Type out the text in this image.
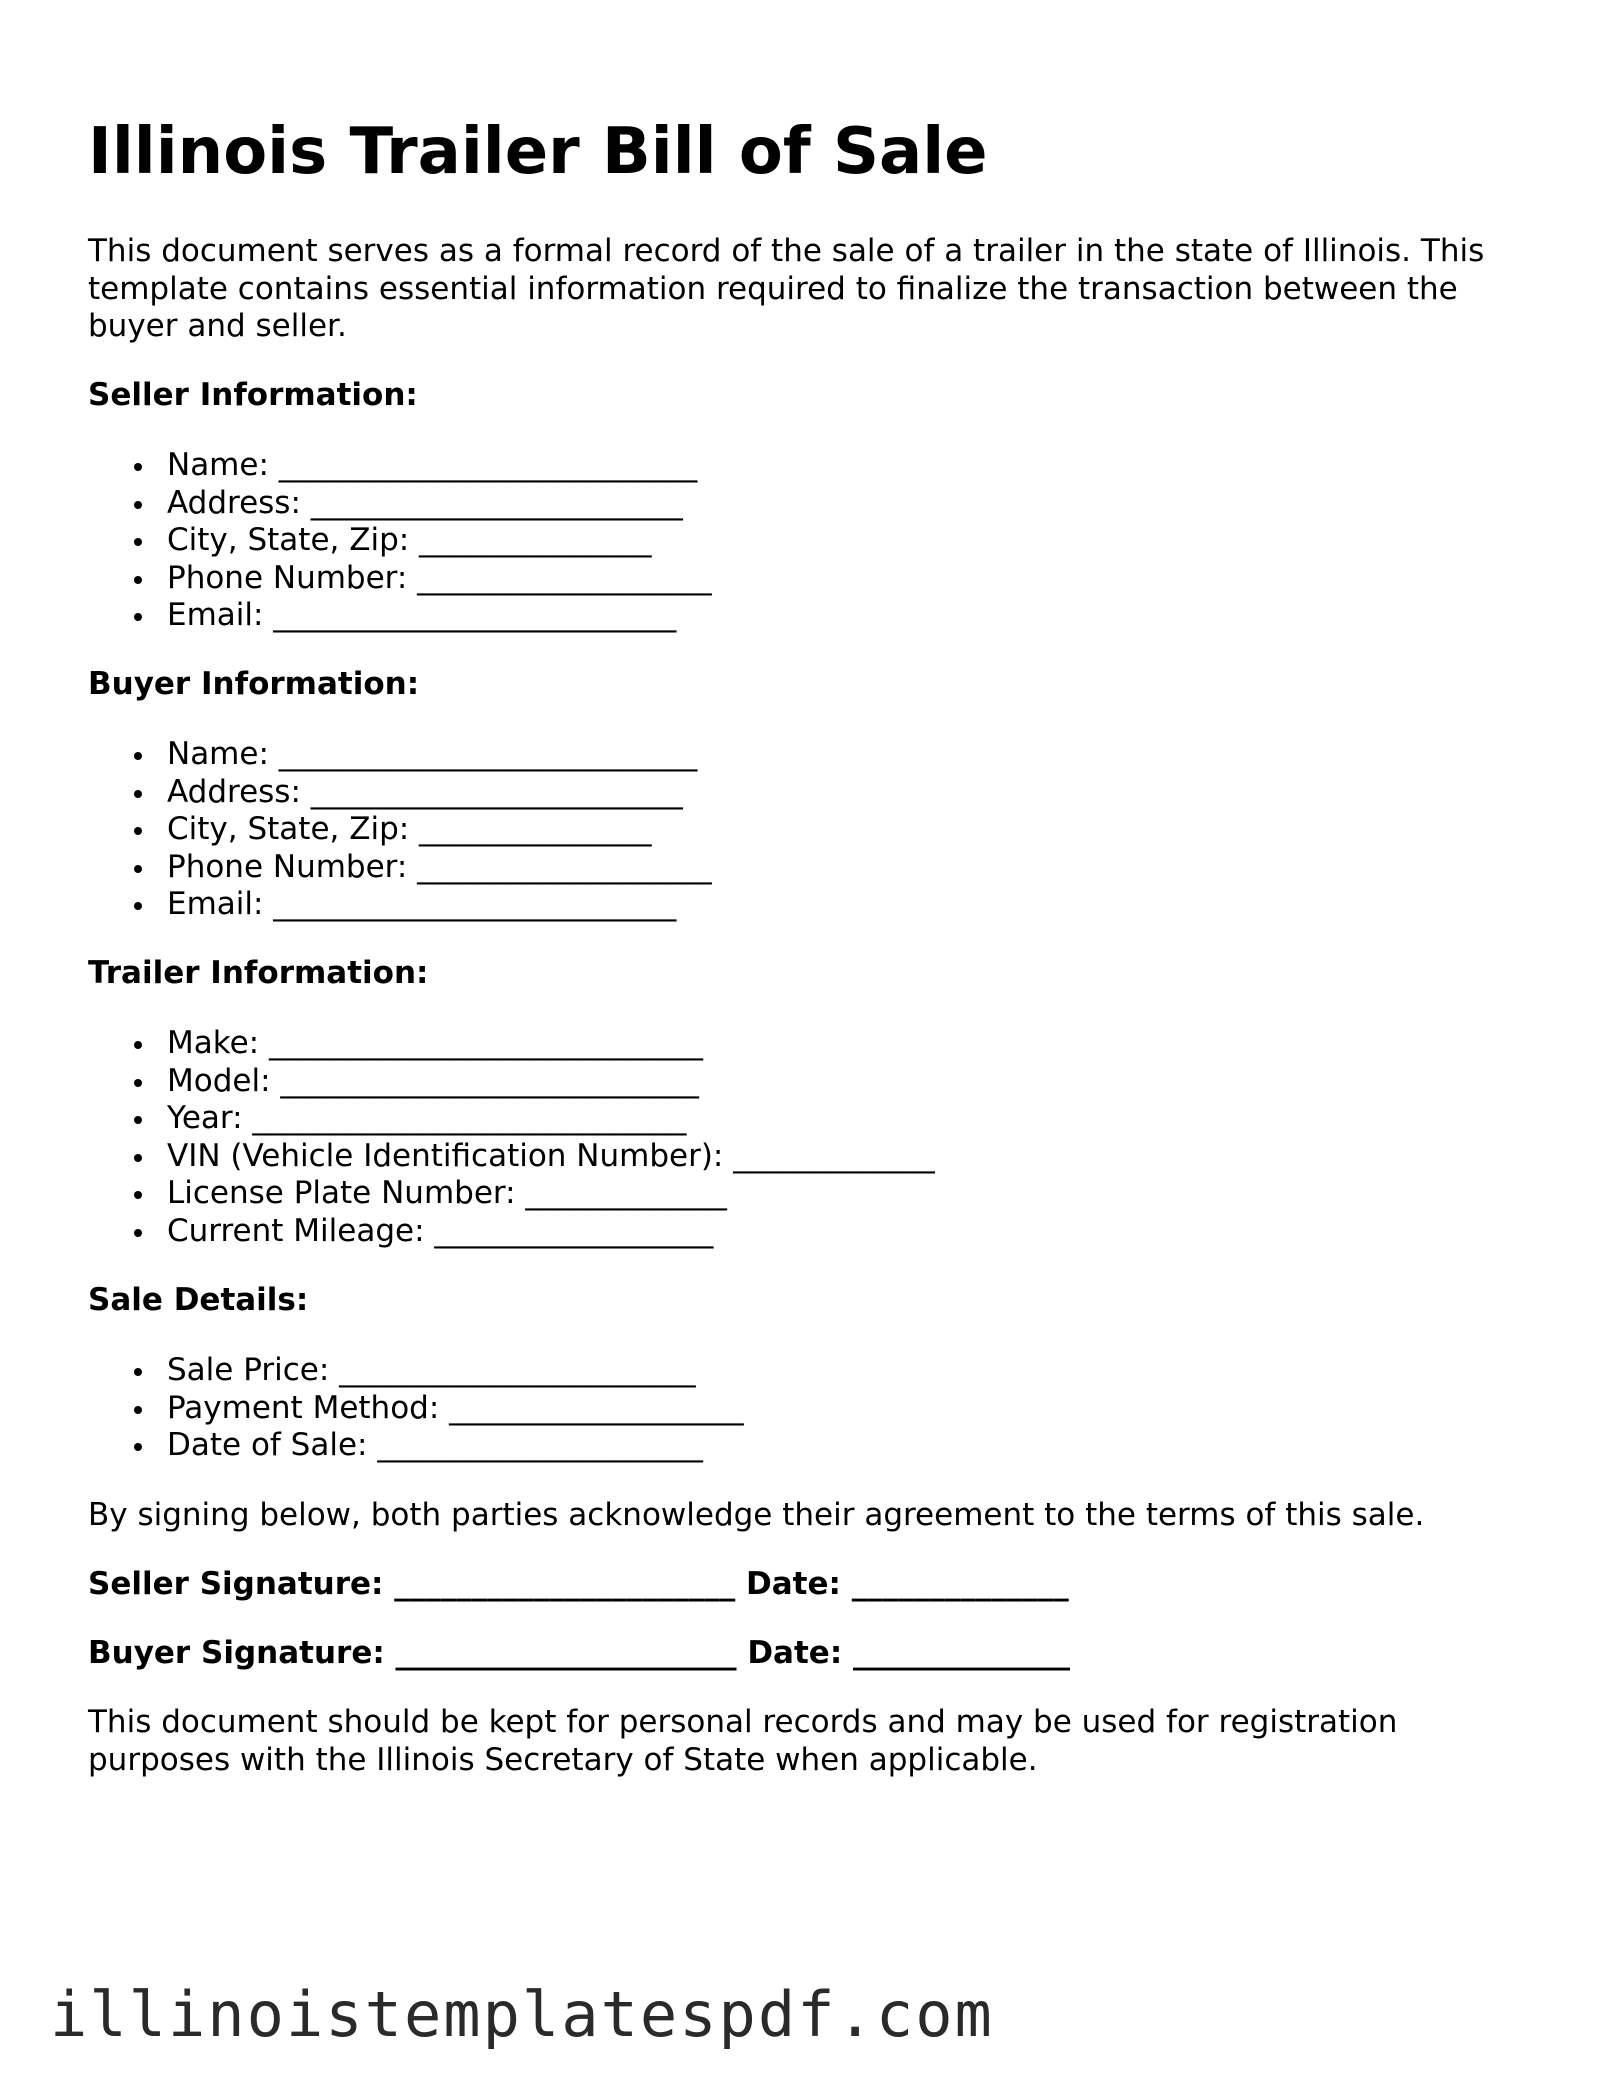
Illinois Trailer Bill of Sale

This document serves as a formal record of the sale of a trailer in the state of Illinois. This template contains essential information required to finalize the transaction between the buyer and seller.

Seller Information:

Name: ___________________________
Address: ________________________
City, State, Zip: _______________
Phone Number: ___________________
Email: __________________________

Buyer Information:

Name: ___________________________
Address: ________________________
City, State, Zip: _______________
Phone Number: ___________________
Email: __________________________

Trailer Information:

Make: ____________________________
Model: ___________________________
Year: ____________________________
VIN (Vehicle Identification Number): _____________
License Plate Number: _____________
Current Mileage: __________________

Sale Details:

Sale Price: _______________________
Payment Method: ___________________
Date of Sale: _____________________

By signing below, both parties acknowledge their agreement to the terms of this sale.

Seller Signature: ______________________ Date: ______________

Buyer Signature: ______________________ Date: ______________

This document should be kept for personal records and may be used for registration purposes with the Illinois Secretary of State when applicable.

illinoistemplatespdf.com
